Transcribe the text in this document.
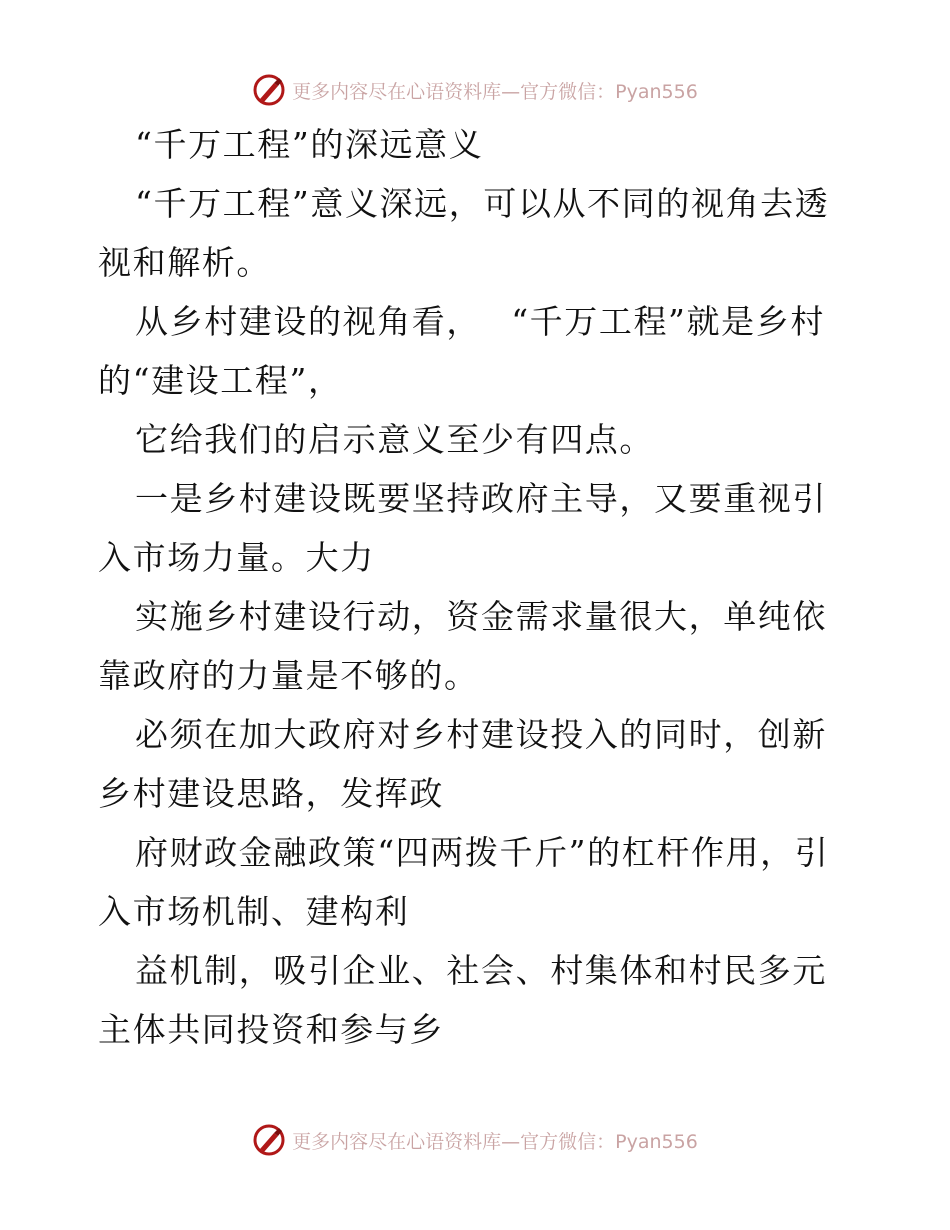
更多内容尽在心语资料库—官方微信：Pyan556

“千万工程”的深远意义

“千万工程”意义深远，可以从不同的视角去透视和解析。

从乡村建设的视角看，　 “千万工程”就是乡村的“建设工程”，

它给我们的启示意义至少有四点。

一是乡村建设既要坚持政府主导，又要重视引入市场力量。大力

实施乡村建设行动，资金需求量很大，单纯依靠政府的力量是不够的。

必须在加大政府对乡村建设投入的同时，创新乡村建设思路，发挥政

府财政金融政策“四两拨千斤”的杠杆作用，引入市场机制、建构利

益机制，吸引企业、社会、村集体和村民多元主体共同投资和参与乡

更多内容尽在心语资料库—官方微信：Pyan556
